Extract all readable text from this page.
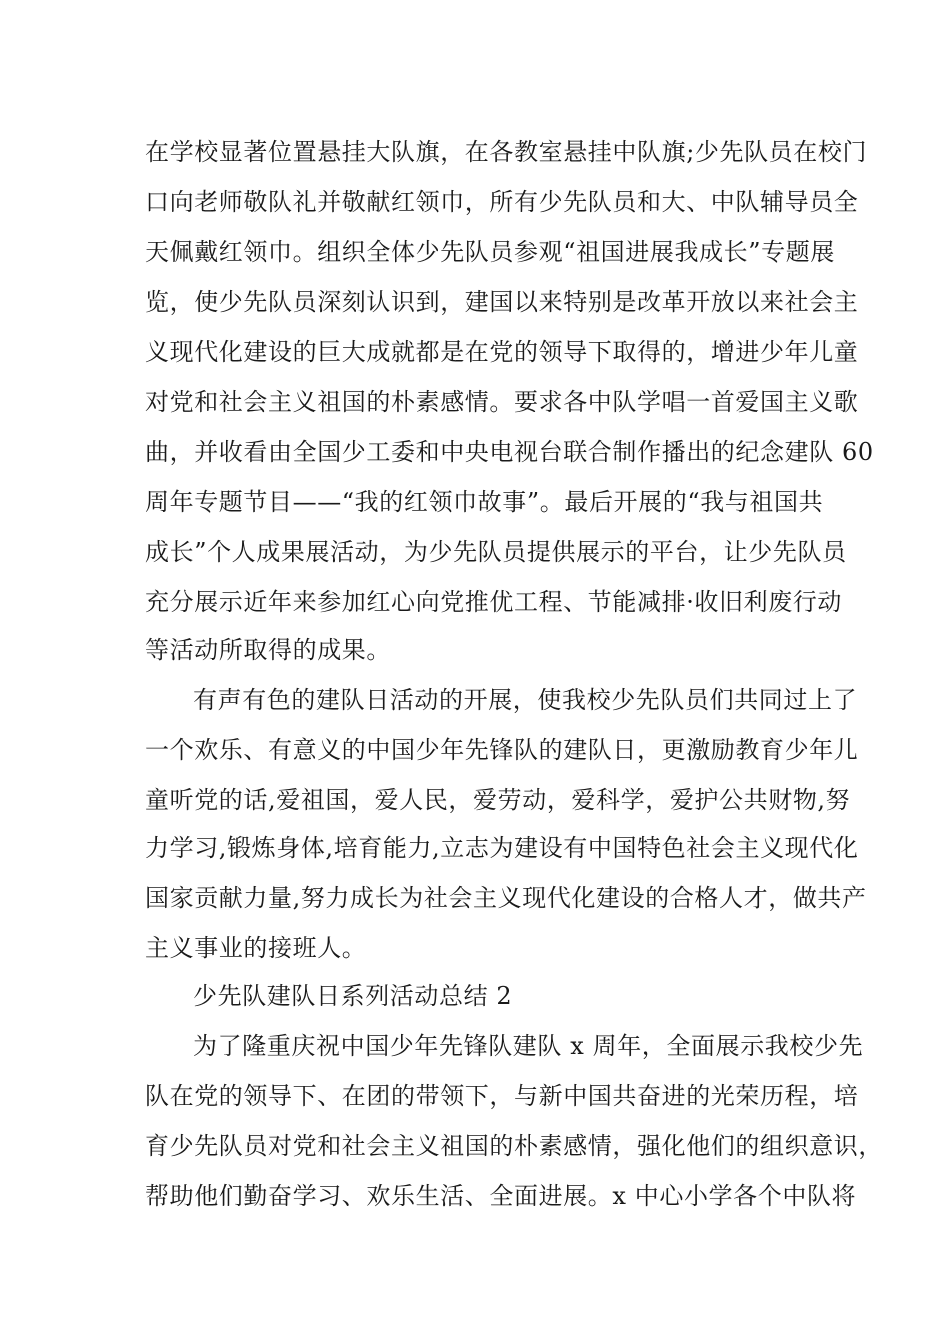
在学校显著位置悬挂大队旗，在各教室悬挂中队旗;少先队员在校门
口向老师敬队礼并敬献红领巾，所有少先队员和大、中队辅导员全
天佩戴红领巾。组织全体少先队员参观“祖国进展我成长”专题展
览，使少先队员深刻认识到，建国以来特别是改革开放以来社会主
义现代化建设的巨大成就都是在党的领导下取得的，增进少年儿童
对党和社会主义祖国的朴素感情。要求各中队学唱一首爱国主义歌
曲，并收看由全国少工委和中央电视台联合制作播出的纪念建队 60
周年专题节目——“我的红领巾故事”。最后开展的“我与祖国共
成长”个人成果展活动，为少先队员提供展示的平台，让少先队员
充分展示近年来参加红心向党推优工程、节能减排·收旧利废行动
等活动所取得的成果。
有声有色的建队日活动的开展，使我校少先队员们共同过上了
一个欢乐、有意义的中国少年先锋队的建队日，更激励教育少年儿
童听党的话,爱祖国，爱人民，爱劳动，爱科学，爱护公共财物,努
力学习,锻炼身体,培育能力,立志为建设有中国特色社会主义现代化
国家贡献力量,努力成长为社会主义现代化建设的合格人才，做共产
主义事业的接班人。
少先队建队日系列活动总结 2
为了隆重庆祝中国少年先锋队建队 x 周年，全面展示我校少先
队在党的领导下、在团的带领下，与新中国共奋进的光荣历程，培
育少先队员对党和社会主义祖国的朴素感情，强化他们的组织意识，
帮助他们勤奋学习、欢乐生活、全面进展。x 中心小学各个中队将
